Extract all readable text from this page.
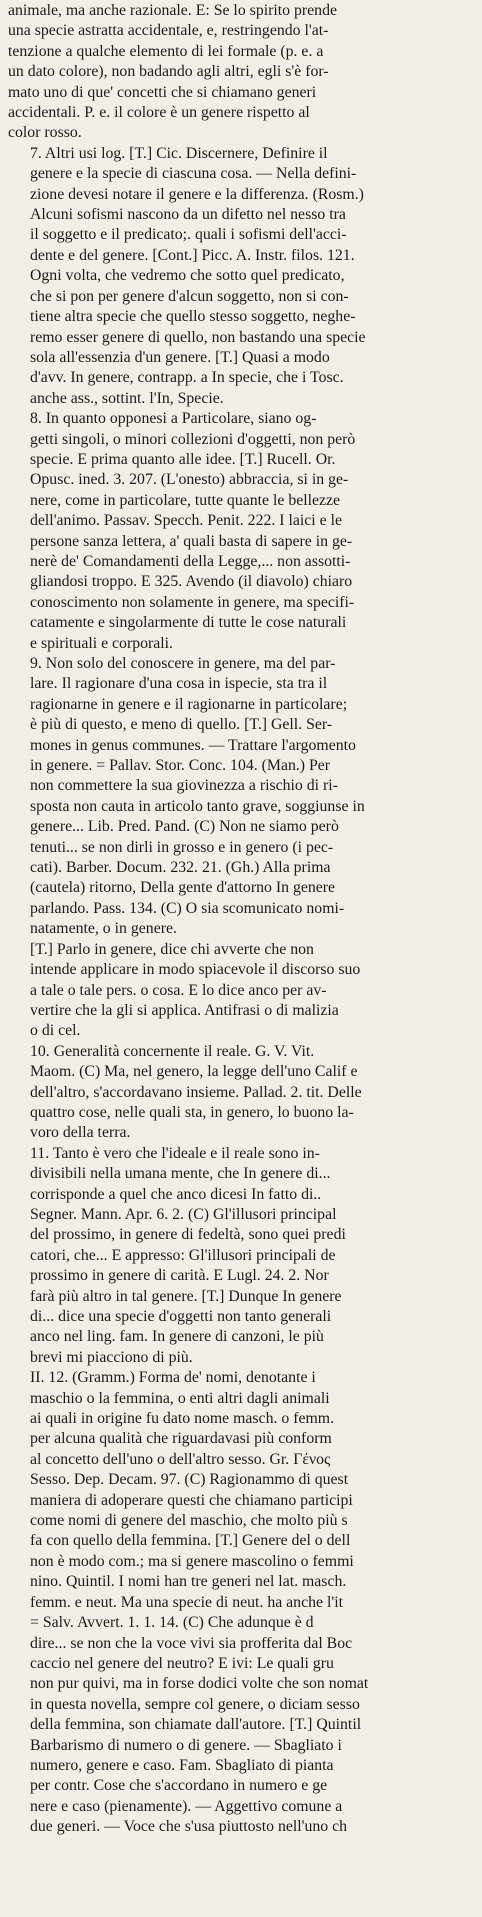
animale, ma anche razionale. E: Se lo spirito prende
una specie astratta accidentale, e, restringendo l'at-
tenzione a qualche elemento di lei formale (p. e. a
un dato colore), non badando agli altri, egli s'è for-
mato uno di que' concetti che si chiamano generi
accidentali. P. e. il colore è un genere rispetto al
color rosso.
7. Altri usi log. [T.] Cic. Discernere, Definire il
genere e la specie di ciascuna cosa. — Nella defini-
zione devesi notare il genere e la differenza. (Rosm.)
Alcuni sofismi nascono da un difetto nel nesso tra
il soggetto e il predicato;. quali i sofismi dell'acci-
dente e del genere. [Cont.] Picc. A. Instr. filos. 121.
Ogni volta, che vedremo che sotto quel predicato,
che si pon per genere d'alcun soggetto, non si con-
tiene altra specie che quello stesso soggetto, neghe-
remo esser genere di quello, non bastando una specie
sola all'essenzia d'un genere. [T.] Quasi a modo
d'avv. In genere, contrapp. a In specie, che i Tosc.
anche ass., sottint. l'In, Specie.
8. In quanto opponesi a Particolare, siano og-
getti singoli, o minori collezioni d'oggetti, non però
specie. E prima quanto alle idee. [T.] Rucell. Or.
Opusc. ined. 3. 207. (L'onesto) abbraccia, si in ge-
nere, come in particolare, tutte quante le bellezze
dell'animo. Passav. Specch. Penit. 222. I laici e le
persone sanza lettera, a' quali basta di sapere in ge-
nerè de' Comandamenti della Legge,... non assotti-
gliandosi troppo. E 325. Avendo (il diavolo) chiaro
conoscimento non solamente in genere, ma specifi-
catamente e singolarmente di tutte le cose naturali
e spirituali e corporali.
9. Non solo del conoscere in genere, ma del par-
lare. Il ragionare d'una cosa in ispecie, sta tra il
ragionarne in genere e il ragionarne in particolare;
è più di questo, e meno di quello. [T.] Gell. Ser-
mones in genus communes. — Trattare l'argomento
in genere. = Pallav. Stor. Conc. 104. (Man.) Per
non commettere la sua giovinezza a rischio di ri-
sposta non cauta in articolo tanto grave, soggiunse in
genere... Lib. Pred. Pand. (C) Non ne siamo però
tenuti... se non dirli in grosso e in genero (i pec-
cati). Barber. Docum. 232. 21. (Gh.) Alla prima
(cautela) ritorno, Della gente d'attorno In genere
parlando. Pass. 134. (C) O sia scomunicato nomi-
natamente, o in genere.
[T.] Parlo in genere, dice chi avverte che non
intende applicare in modo spiacevole il discorso suo
a tale o tale pers. o cosa. E lo dice anco per av-
vertire che la gli si applica. Antifrasi o di malizia
o di cel.
10. Generalità concernente il reale. G. V. Vit.
Maom. (C) Ma, nel genero, la legge dell'uno Calif e
dell'altro, s'accordavano insieme. Pallad. 2. tit. Delle
quattro cose, nelle quali sta, in genero, lo buono la-
voro della terra.
11. Tanto è vero che l'ideale e il reale sono in-
divisibili nella umana mente, che In genere di...
corrisponde a quel che anco dicesi In fatto di..
Segner. Mann. Apr. 6. 2. (C) Gl'illusori principal
del prossimo, in genere di fedeltà, sono quei predi
catori, che... E appresso: Gl'illusori principali de
prossimo in genere di carità. E Lugl. 24. 2. Nor
farà più altro in tal genere. [T.] Dunque In genere
di... dice una specie d'oggetti non tanto generali
anco nel ling. fam. In genere di canzoni, le più
brevi mi piacciono di più.
II. 12. (Gramm.) Forma de' nomi, denotante i
maschio o la femmina, o enti altri dagli animali
ai quali in origine fu dato nome masch. o femm.
per alcuna qualità che riguardavasi più conform
al concetto dell'uno o dell'altro sesso. Gr. Γένος
Sesso. Dep. Decam. 97. (C) Ragionammo di quest
maniera di adoperare questi che chiamano participi
come nomi di genere del maschio, che molto più s
fa con quello della femmina. [T.] Genere del o dell
non è modo com.; ma si genere mascolino o femmi
nino. Quintil. I nomi han tre generi nel lat. masch.
femm. e neut. Ma una specie di neut. ha anche l'it
= Salv. Avvert. 1. 1. 14. (C) Che adunque è d
dire... se non che la voce vivi sia profferita dal Boc
caccio nel genere del neutro? E ivi: Le quali gru
non pur quivi, ma in forse dodici volte che son nomat
in questa novella, sempre col genere, o diciam sesso
della femmina, son chiamate dall'autore. [T.] Quintil
Barbarismo di numero o di genere. — Sbagliato i
numero, genere e caso. Fam. Sbagliato di pianta
per contr. Cose che s'accordano in numero e ge
nere e caso (pienamente). — Aggettivo comune a
due generi. — Voce che s'usa piuttosto nell'uno ch
